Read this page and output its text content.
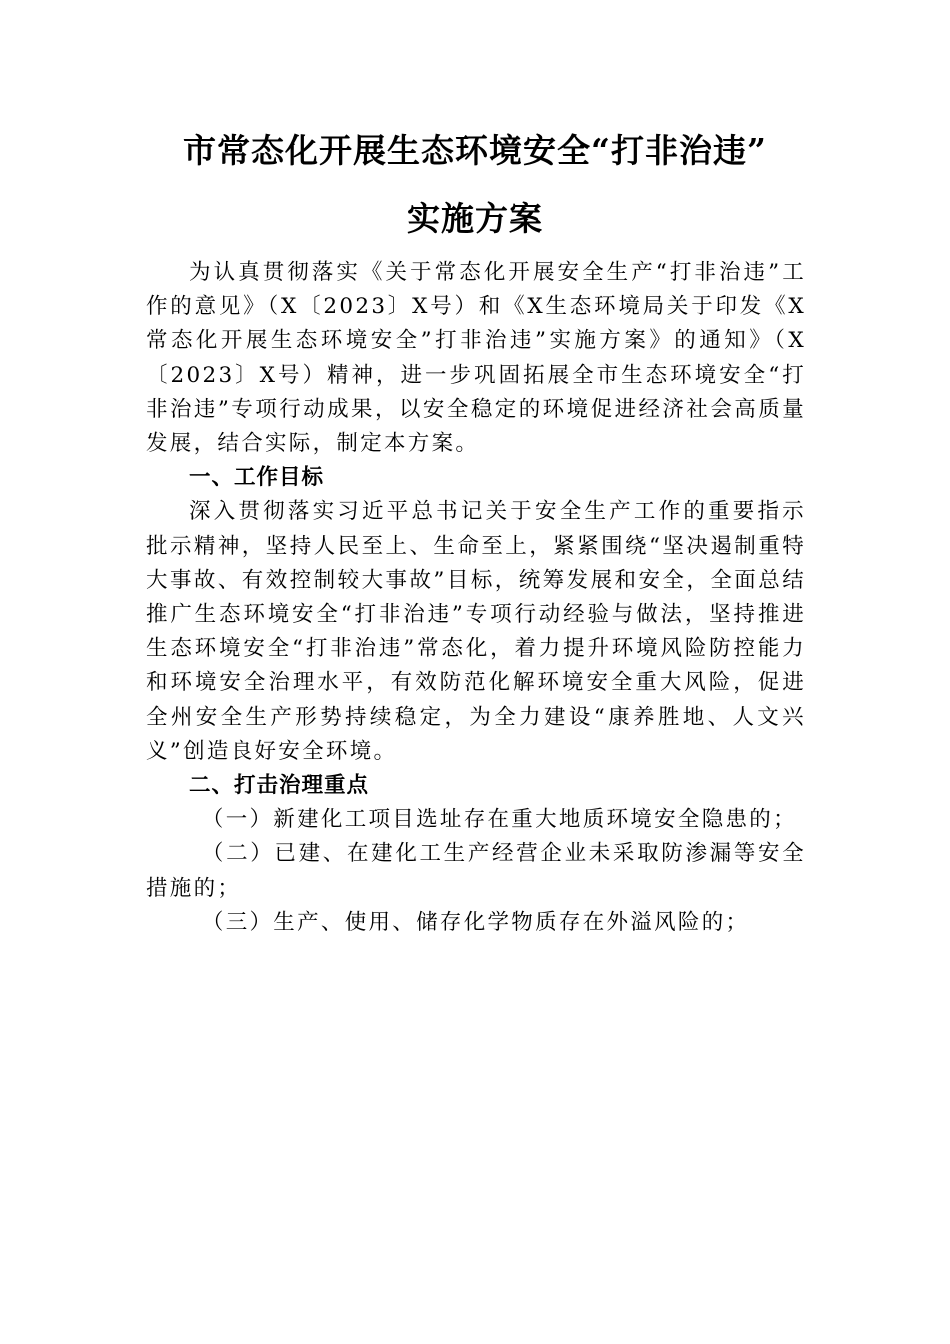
市常态化开展生态环境安全“打非治违”
实施方案

为认真贯彻落实《关于常态化开展安全生产“打非治违”工作的意见》（X〔2023〕X号）和《X生态环境局关于印发《X常态化开展生态环境安全”打非治违”实施方案》的通知》（X〔2023〕X号）精神，进一步巩固拓展全市生态环境安全“打非治违”专项行动成果，以安全稳定的环境促进经济社会高质量发展，结合实际，制定本方案。

一、工作目标

深入贯彻落实习近平总书记关于安全生产工作的重要指示批示精神，坚持人民至上、生命至上，紧紧围绕“坚决遏制重特大事故、有效控制较大事故”目标，统筹发展和安全，全面总结推广生态环境安全“打非治违”专项行动经验与做法，坚持推进生态环境安全“打非治违”常态化，着力提升环境风险防控能力和环境安全治理水平，有效防范化解环境安全重大风险，促进全州安全生产形势持续稳定，为全力建设“康养胜地、人文兴义”创造良好安全环境。

二、打击治理重点

（一）新建化工项目选址存在重大地质环境安全隐患的；

（二）已建、在建化工生产经营企业未采取防渗漏等安全措施的；

（三）生产、使用、储存化学物质存在外溢风险的；
